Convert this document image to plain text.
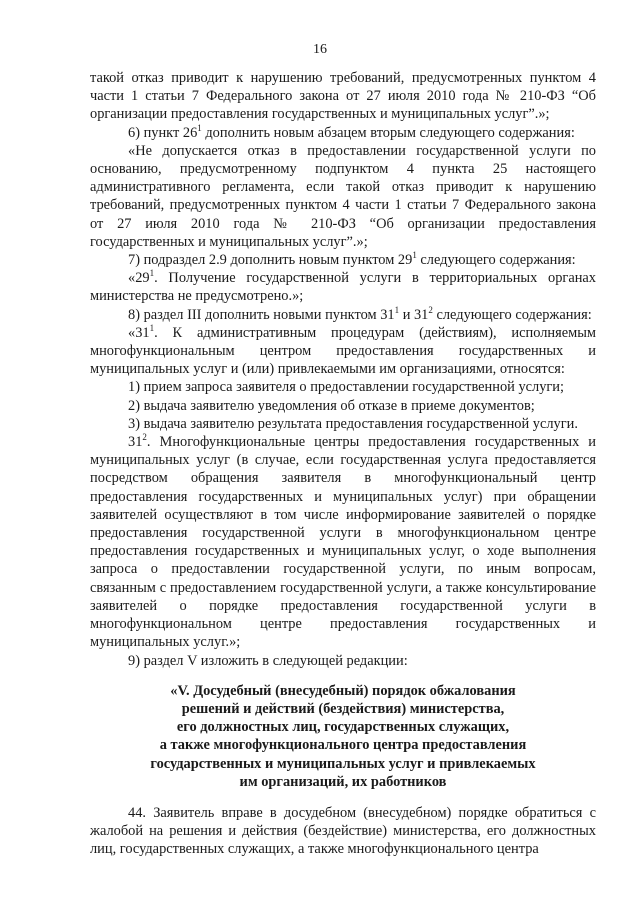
16

такой отказ приводит к нарушению требований, предусмотренных пунктом 4 части 1 статьи 7 Федерального закона от 27 июля 2010 года № 210-ФЗ “Об организации предоставления государственных и муниципальных услуг”.»;

6) пункт $26^1$ дополнить новым абзацем вторым следующего содержания:

«Не допускается отказ в предоставлении государственной услуги по основанию, предусмотренному подпунктом 4 пункта 25 настоящего административного регламента, если такой отказ приводит к нарушению требований, предусмотренных пунктом 4 части 1 статьи 7 Федерального закона от 27 июля 2010 года № 210-ФЗ “Об организации предоставления государственных и муниципальных услуг”.»;

7) подраздел 2.9 дополнить новым пунктом $29^1$ следующего содержания:

«$29^1$. Получение государственной услуги в территориальных органах министерства не предусмотрено.»;

8) раздел III дополнить новыми пунктом $31^1$ и $31^2$ следующего содержания:

«$31^1$. К административным процедурам (действиям), исполняемым многофункциональным центром предоставления государственных и муниципальных услуг и (или) привлекаемыми им организациями, относятся:

1) прием запроса заявителя о предоставлении государственной услуги;

2) выдача заявителю уведомления об отказе в приеме документов;

3) выдача заявителю результата предоставления государственной услуги.

$31^2$. Многофункциональные центры предоставления государственных и муниципальных услуг (в случае, если государственная услуга предоставляется посредством обращения заявителя в многофункциональный центр предоставления государственных и муниципальных услуг) при обращении заявителей осуществляют в том числе информирование заявителей о порядке предоставления государственной услуги в многофункциональном центре предоставления государственных и муниципальных услуг, о ходе выполнения запроса о предоставлении государственной услуги, по иным вопросам, связанным с предоставлением государственной услуги, а также консультирование заявителей о порядке предоставления государственной услуги в многофункциональном центре предоставления государственных и муниципальных услуг.»;

9) раздел V изложить в следующей редакции:

«V. Досудебный (внесудебный) порядок обжалования
решений и действий (бездействия) министерства,
его должностных лиц, государственных служащих,
а также многофункционального центра предоставления
государственных и муниципальных услуг и привлекаемых
им организаций, их работников

44. Заявитель вправе в досудебном (внесудебном) порядке обратиться с жалобой на решения и действия (бездействие) министерства, его должностных лиц, государственных служащих, а также многофункционального центра
